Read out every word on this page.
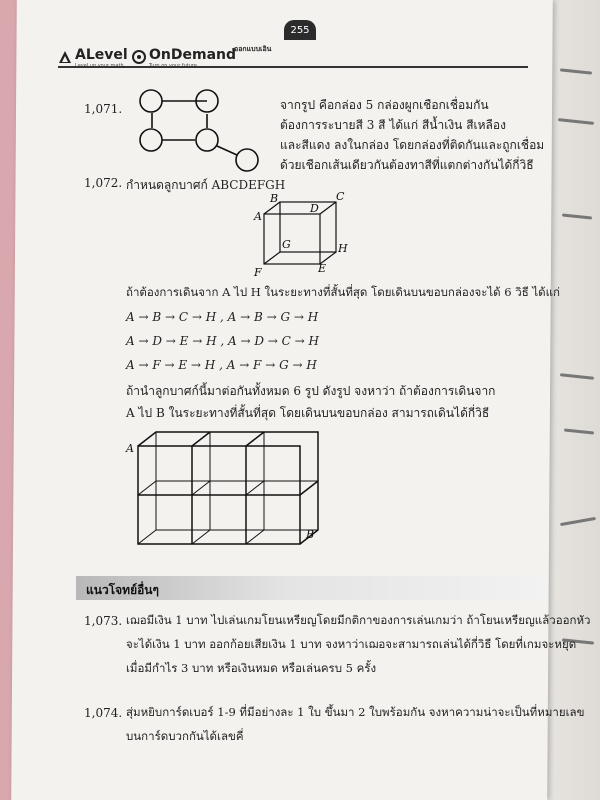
ALevel OnDemand
ออกแบบเอิน
255
1,071.	จากรูป คือกล่อง 5 กล่องผูกเชือกเชื่อมกัน
ต้องการระบายสี 3 สี ได้แก่ สีน้ำเงิน สีเหลือง
และสีแดง ลงในกล่อง โดยกล่องที่ติดกันและถูกเชื่อม
ด้วยเชือกเส้นเดียวกันต้องทาสีที่แตกต่างกันได้กี่วิธี
1,072. กำหนดลูกบาศก์ ABCDEFGH
B	C
A
D
G	H
F	E
ถ้าต้องการเดินจาก A ไป H ในระยะทางที่สั้นที่สุด โดยเดินบนขอบกล่องจะได้ 6 วิธี ได้แก่
A → B → C → H , A → B → G → H
A → D → E → H , A → D → C → H
A → F → E → H , A → F → G → H
ถ้านำลูกบาศก์นี้มาต่อกันทั้งหมด 6 รูป ดังรูป จงหาว่า ถ้าต้องการเดินจาก
A ไป B ในระยะทางที่สั้นที่สุด โดยเดินบนขอบกล่อง สามารถเดินได้กี่วิธี
A
B
แนวโจทย์อื่นๆ
1,073. เฌอมีเงิน 1 บาท ไปเล่นเกมโยนเหรียญโดยมีกติกาของการเล่นเกมว่า ถ้าโยนเหรียญแล้วออกหัว
จะได้เงิน 1 บาท ออกก้อยเสียเงิน 1 บาท จงหาว่าเฌอจะสามารถเล่นได้กี่วิธี โดยที่เกมจะหยุด
เมื่อมีกำไร 3 บาท หรือเงินหมด หรือเล่นครบ 5 ครั้ง
1,074. สุ่มหยิบการ์ดเบอร์ 1-9 ที่มีอย่างละ 1 ใบ ขึ้นมา 2 ใบพร้อมกัน จงหาความน่าจะเป็นที่หมายเลข
บนการ์ดบวกกันได้เลขคี่
